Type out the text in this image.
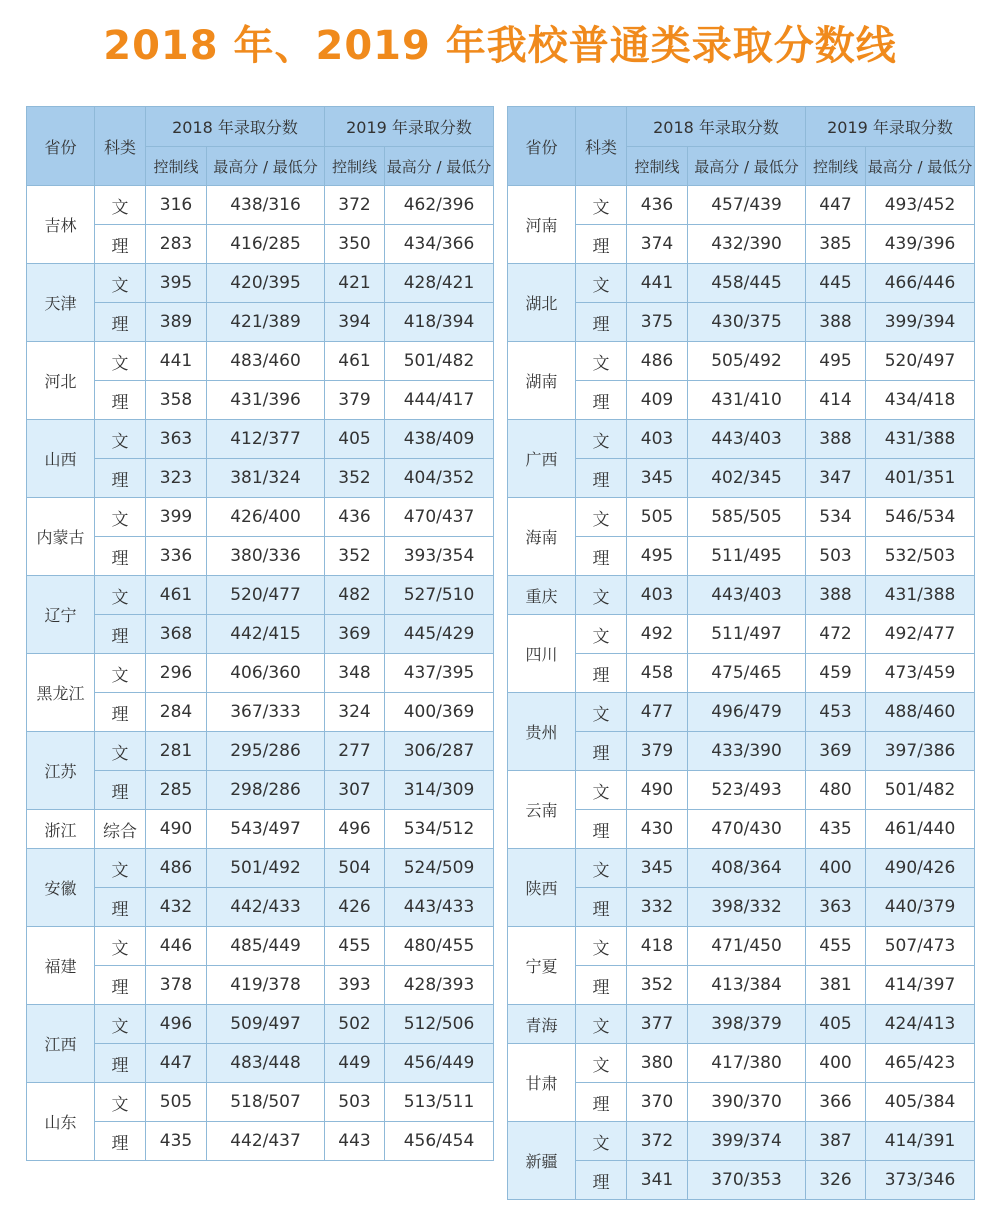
2018 年、2019 年我校普通类录取分数线
省份	科类	2018 年录取分数		2019 年录取分数	
		控制线	最高分 / 最低分	控制线	最高分 / 最低分
吉林	文	316	438/316	372	462/396
	理	283	416/285	350	434/366
天津	文	395	420/395	421	428/421
	理	389	421/389	394	418/394
河北	文	441	483/460	461	501/482
	理	358	431/396	379	444/417
山西	文	363	412/377	405	438/409
	理	323	381/324	352	404/352
内蒙古	文	399	426/400	436	470/437
	理	336	380/336	352	393/354
辽宁	文	461	520/477	482	527/510
	理	368	442/415	369	445/429
黑龙江	文	296	406/360	348	437/395
	理	284	367/333	324	400/369
江苏	文	281	295/286	277	306/287
	理	285	298/286	307	314/309
浙江	综合	490	543/497	496	534/512
安徽	文	486	501/492	504	524/509
	理	432	442/433	426	443/433
福建	文	446	485/449	455	480/455
	理	378	419/378	393	428/393
江西	文	496	509/497	502	512/506
	理	447	483/448	449	456/449
山东	文	505	518/507	503	513/511
	理	435	442/437	443	456/454
省份	科类	2018 年录取分数		2019 年录取分数	
		控制线	最高分 / 最低分	控制线	最高分 / 最低分
河南	文	436	457/439	447	493/452
	理	374	432/390	385	439/396
湖北	文	441	458/445	445	466/446
	理	375	430/375	388	399/394
湖南	文	486	505/492	495	520/497
	理	409	431/410	414	434/418
广西	文	403	443/403	388	431/388
	理	345	402/345	347	401/351
海南	文	505	585/505	534	546/534
	理	495	511/495	503	532/503
重庆	文	403	443/403	388	431/388
四川	文	492	511/497	472	492/477
	理	458	475/465	459	473/459
贵州	文	477	496/479	453	488/460
	理	379	433/390	369	397/386
云南	文	490	523/493	480	501/482
	理	430	470/430	435	461/440
陕西	文	345	408/364	400	490/426
	理	332	398/332	363	440/379
宁夏	文	418	471/450	455	507/473
	理	352	413/384	381	414/397
青海	文	377	398/379	405	424/413
甘肃	文	380	417/380	400	465/423
	理	370	390/370	366	405/384
新疆	文	372	399/374	387	414/391
	理	341	370/353	326	373/346
